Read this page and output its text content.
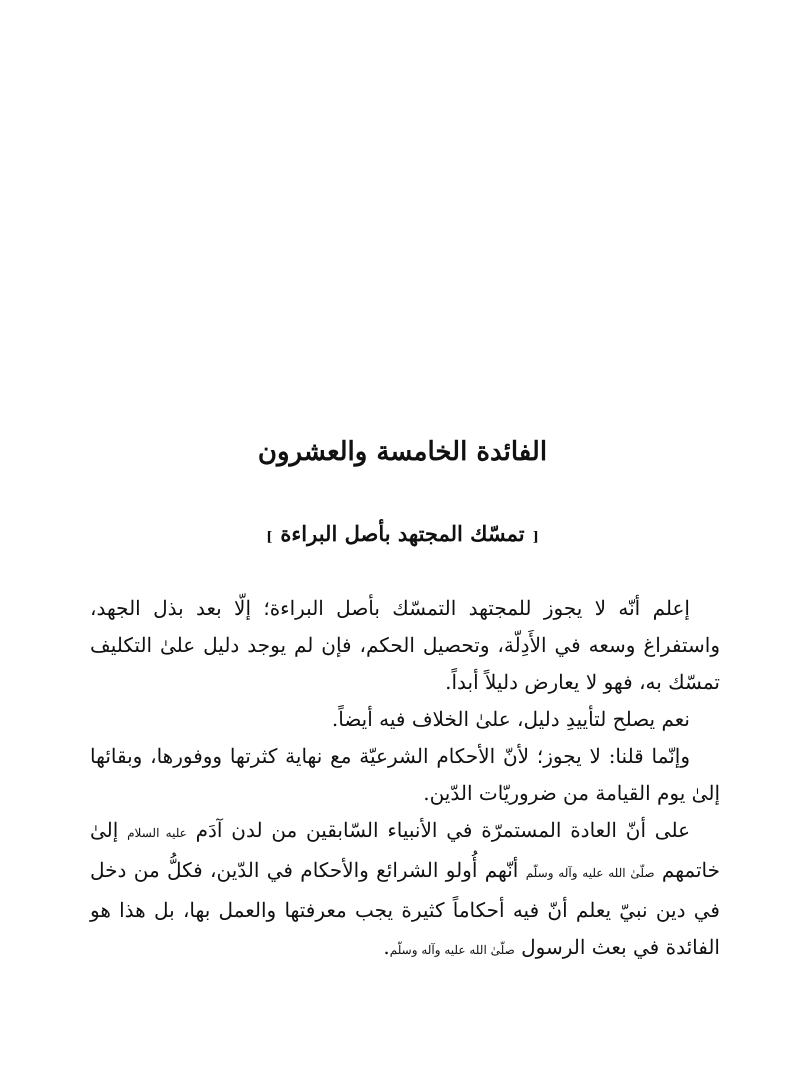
الفائدة الخامسة والعشرون
[تمسّك المجتهد بأصل البراءة]

إعلم أنّه لا يجوز للمجتهد التمسّك بأصل البراءة؛ إلّا بعد بذل الجهد، واستفراغ وسعه في الأَدِلّة، وتحصيل الحكم، فإن لم يوجد دليل علىٰ التكليف تمسّك به، فهو لا يعارض دليلاً أبداً.

نعم يصلح لتأييدِ دليل، علىٰ الخلاف فيه أيضاً.

وإنّما قلنا: لا يجوز؛ لأنّ الأحكام الشرعيّة مع نهاية كثرتها ووفورها، وبقائها إلىٰ يوم القيامة من ضروريّات الدّين.

على أنّ العادة المستمرّة في الأنبياء السّابقين من لدن آدَم عليه السلام إلىٰ خاتمهم صلّىٰ الله عليه وآله وسلّم أنّهم أُولو الشرائع والأحكام في الدّين، فكلُّ من دخل في دين نبيّ يعلم أنّ فيه أحكاماً كثيرة يجب معرفتها والعمل بها، بل هذا هو الفائدة في بعث الرسول صلّىٰ الله عليه وآله وسلّم.
